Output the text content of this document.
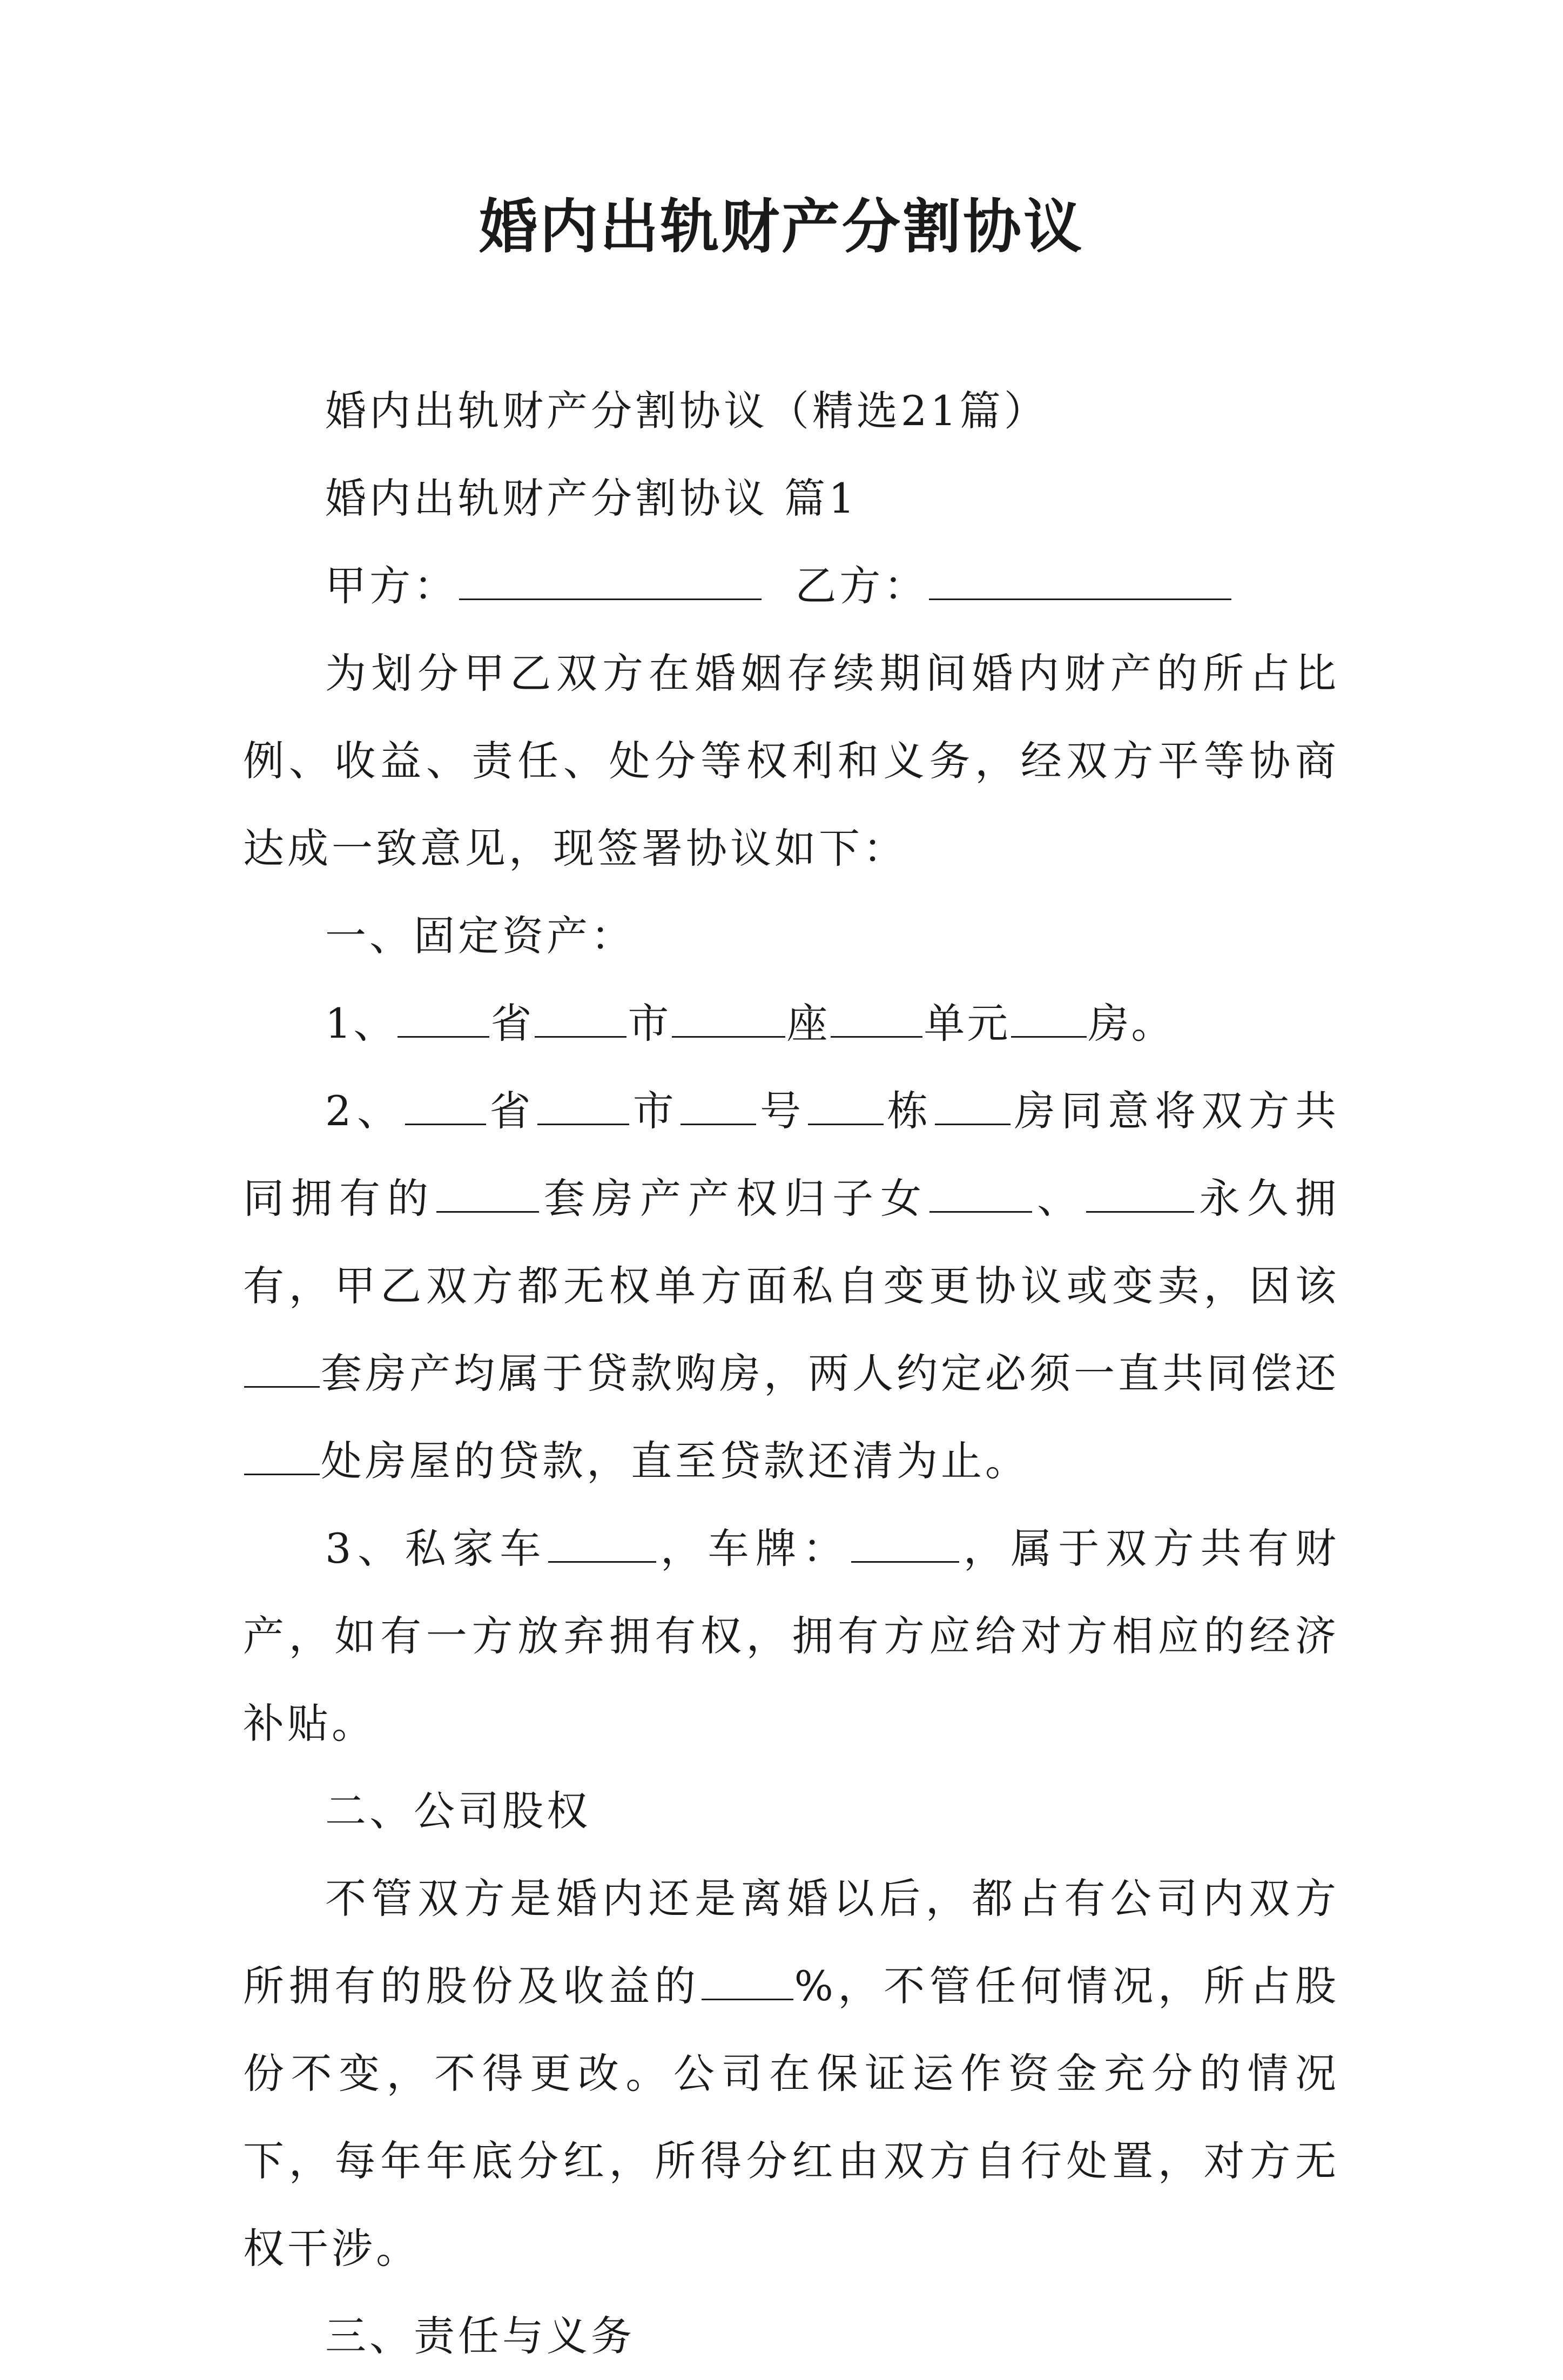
婚内出轨财产分割协议

婚内出轨财产分割协议（精选21篇）

婚内出轨财产分割协议 篇1

甲方：	乙方：

为划分甲乙双方在婚姻存续期间婚内财产的所占比例、收益、责任、处分等权利和义务，经双方平等协商达成一致意见，现签署协议如下：

一、固定资产：

1、 省 市	座 单元 房。

2、 省 市 号 栋 房同意将双方共同拥有的	套房产产权归子女	、	永久拥有，甲乙双方都无权单方面私自变更协议或变卖，因该套房产均属于贷款购房，两人约定必须一直共同偿还处房屋的贷款，直至贷款还清为止。

3、私家车	，车牌：	，属于双方共有财产，如有一方放弃拥有权，拥有方应给对方相应的经济补贴。

二、公司股权

不管双方是婚内还是离婚以后，都占有公司内双方所拥有的股份及收益的 %，不管任何情况，所占股份不变，不得更改。公司在保证运作资金充分的情况下，每年年底分红，所得分红由双方自行处置，对方无权干涉。

三、责任与义务
